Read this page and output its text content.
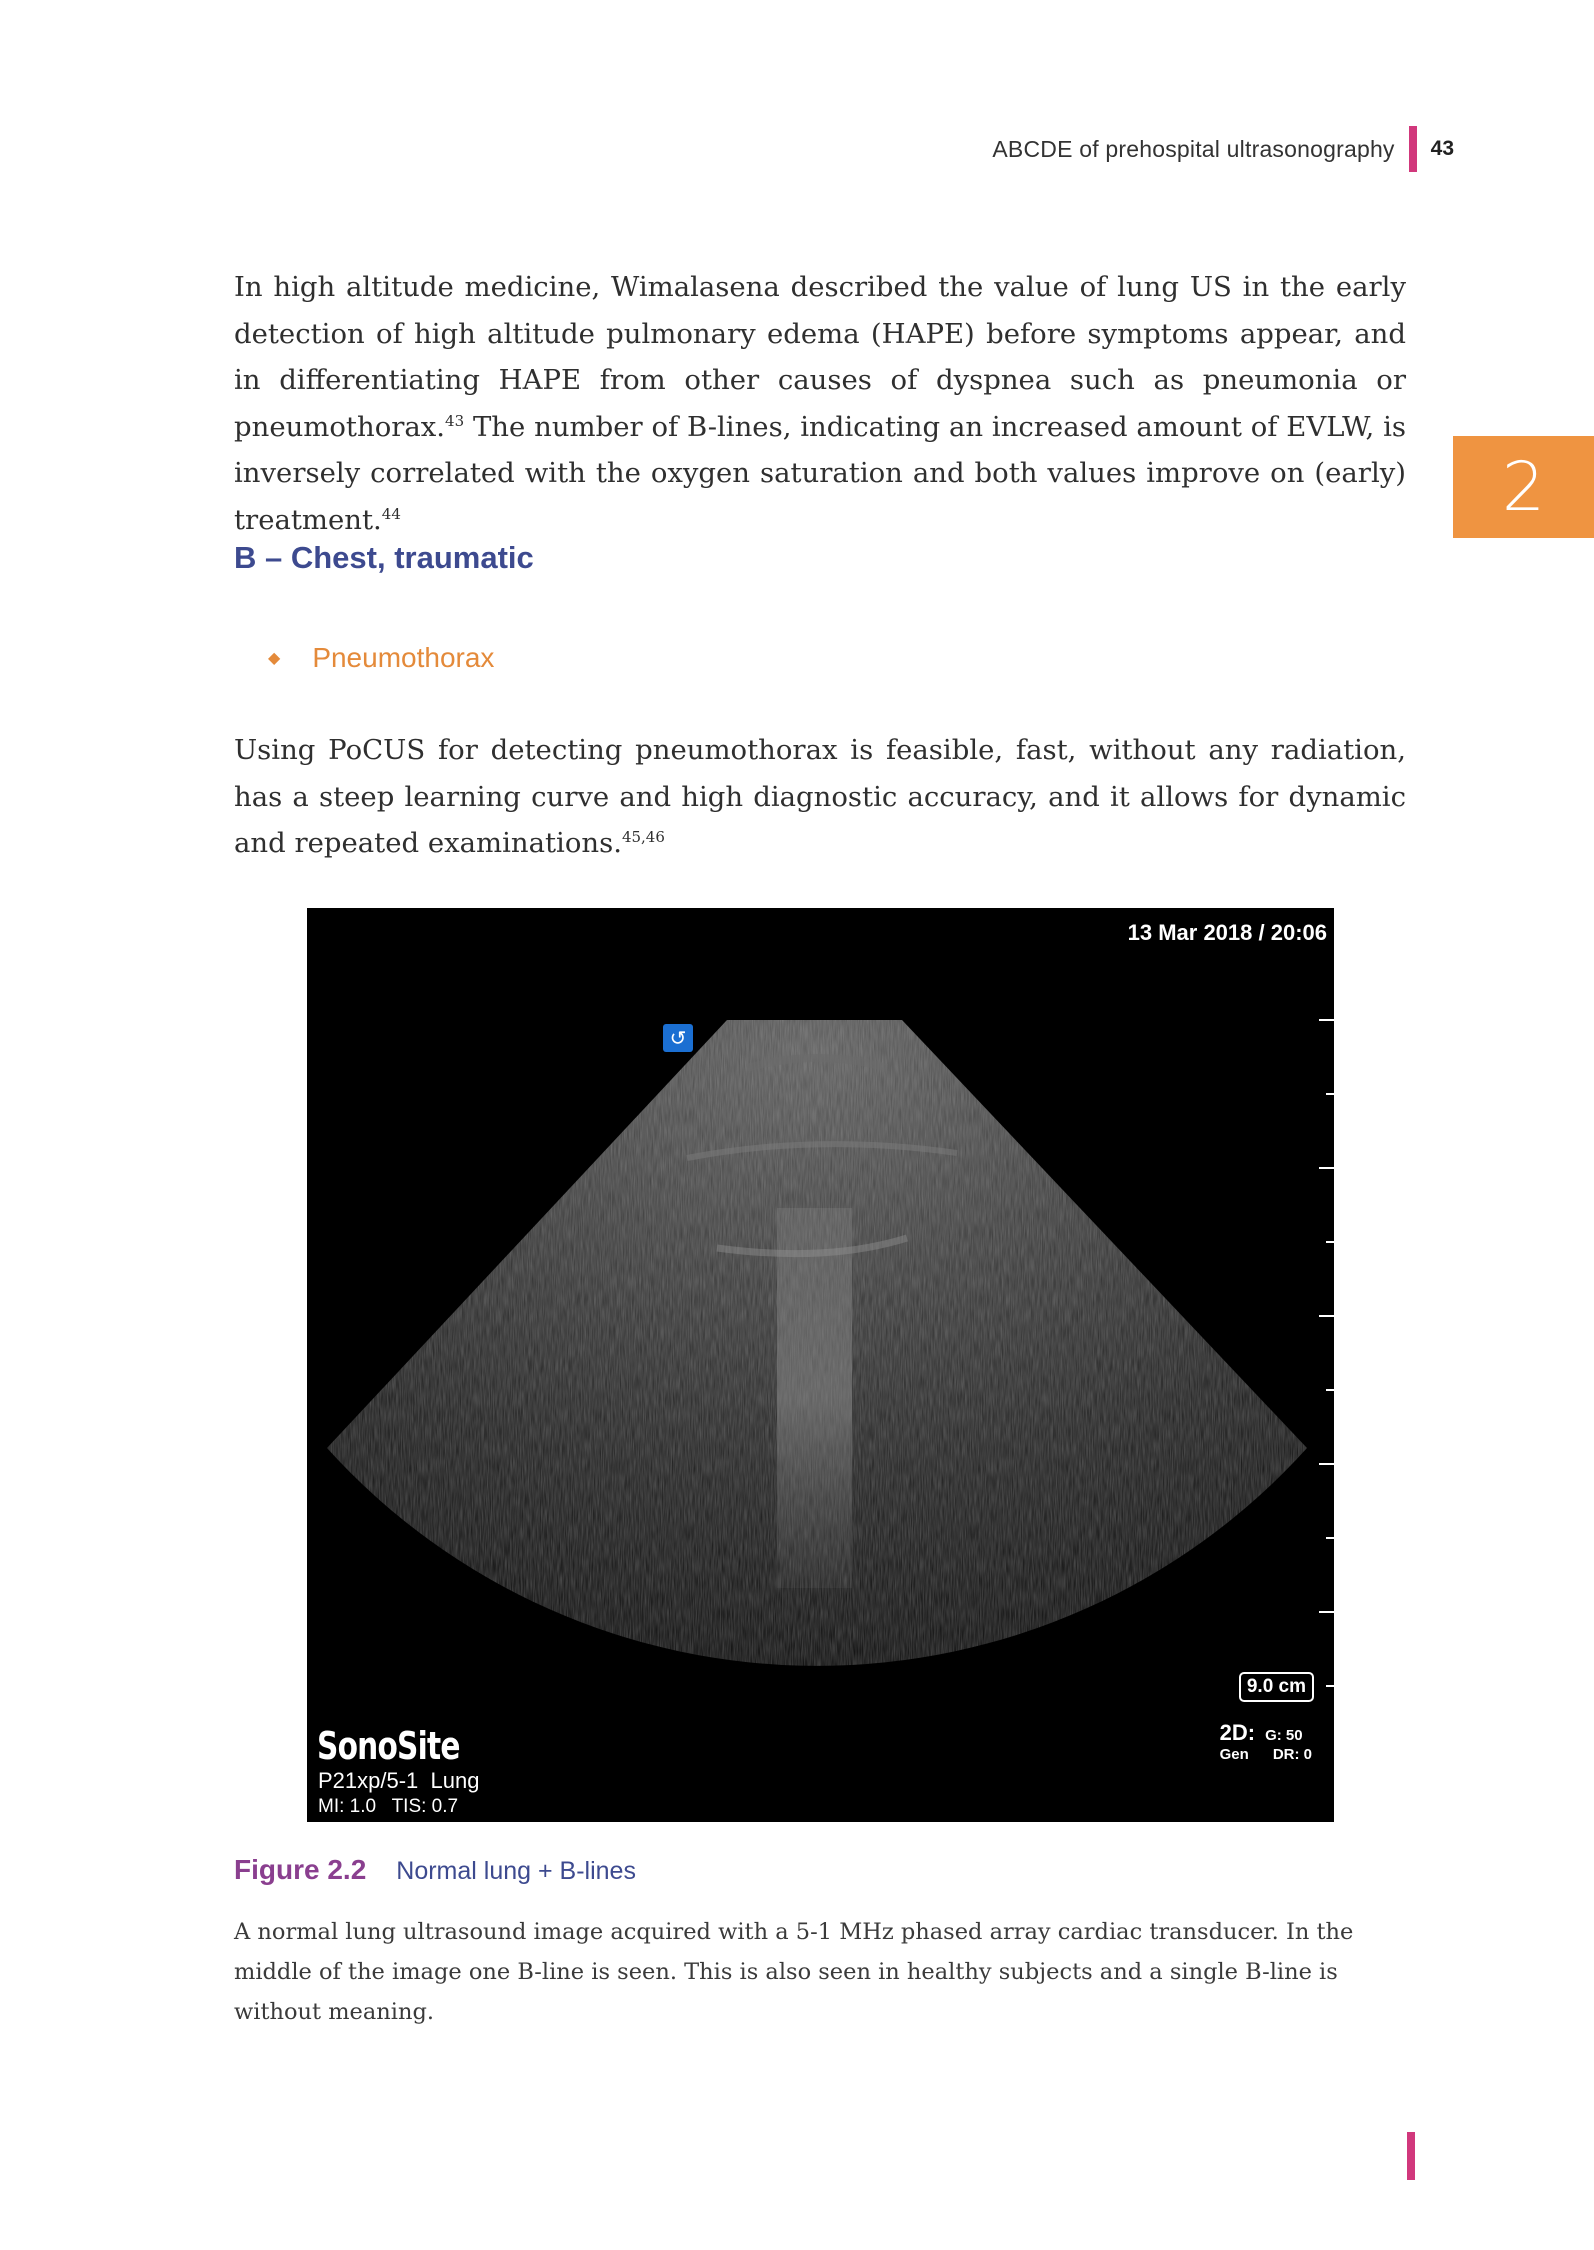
ABCDE of prehospital ultrasonography 43
2

In high altitude medicine, Wimalasena described the value of lung US in the early detection of high altitude pulmonary edema (HAPE) before symptoms appear, and in differentiating HAPE from other causes of dyspnea such as pneumonia or pneumothorax.$^{43}$ The number of B-lines, indicating an increased amount of EVLW, is inversely correlated with the oxygen saturation and both values improve on (early) treatment.$^{44}$

B – Chest, traumatic
◆ Pneumothorax

Using PoCUS for detecting pneumothorax is feasible, fast, without any radiation, has a steep learning curve and high diagnostic accuracy, and it allows for dynamic and repeated examinations.$^{45,46}$

13 Mar 2018 / 20:06
↺
9.0 cm
2D: G: 50
Gen DR: 0
SonoSite
P21xp/5-1  Lung
MI: 1.0   TIS: 0.7
Figure 2.2 Normal lung + B-lines

A normal lung ultrasound image acquired with a 5-1 MHz phased array cardiac transducer. In the middle of the image one B-line is seen. This is also seen in healthy subjects and a single B-line is without meaning.
